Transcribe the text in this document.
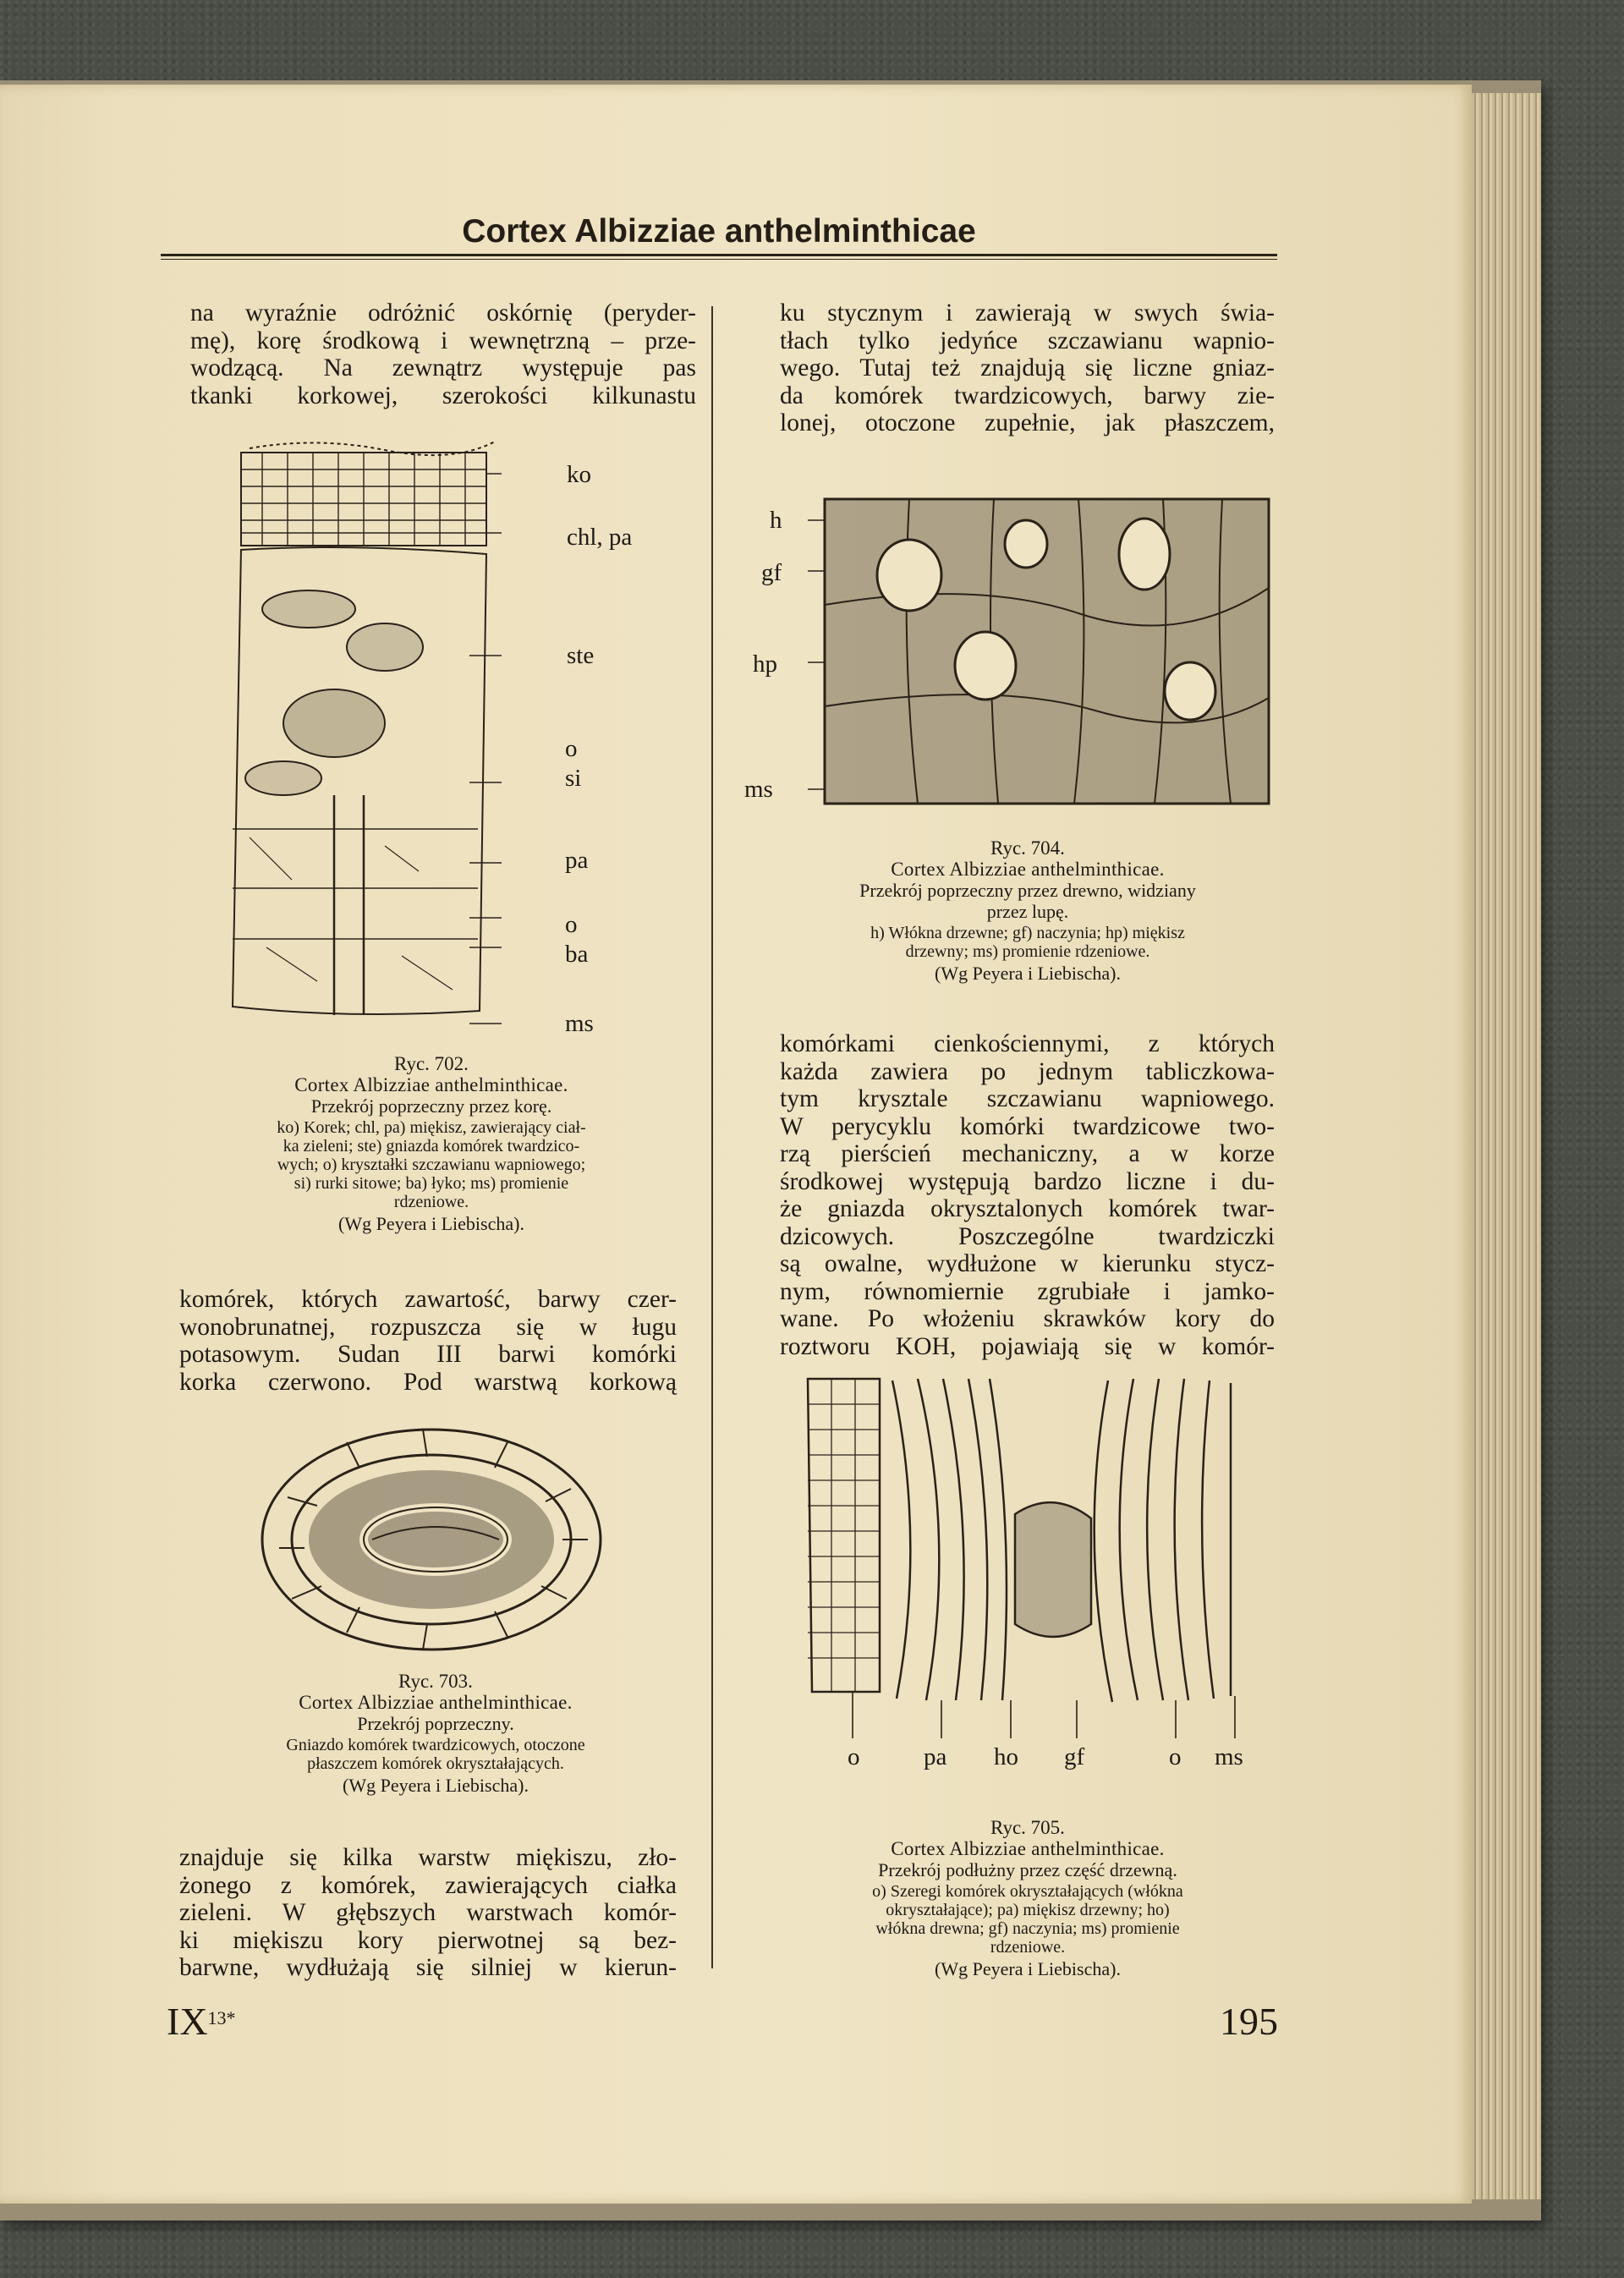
Cortex Albizziae anthelminthicae
na wyraźnie odróżnić oskórnię (peryder-
mę), korę środkową i wewnętrzną – prze-
wodzącą. Na zewnątrz występuje pas
tkanki korkowej, szerokości kilkunastu
ko
chl, pa
ste
o
si
pa
o
ba
ms
Ryc. 702.
Cortex Albizziae anthelminthicae.
Przekrój poprzeczny przez korę.
ko) Korek; chl, pa) miękisz, zawierający ciał-
ka zieleni; ste) gniazda komórek twardzico-
wych; o) kryształki szczawianu wapniowego;
si) rurki sitowe; ba) łyko; ms) promienie
rdzeniowe.
(Wg Peyera i Liebischa).
komórek, których zawartość, barwy czer-
wonobrunatnej, rozpuszcza się w ługu
potasowym. Sudan III barwi komórki
korka czerwono. Pod warstwą korkową
Ryc. 703.
Cortex Albizziae anthelminthicae.
Przekrój poprzeczny.
Gniazdo komórek twardzicowych, otoczone
płaszczem komórek okryształających.
(Wg Peyera i Liebischa).
znajduje się kilka warstw miękiszu, zło-
żonego z komórek, zawierających ciałka
zieleni. W głębszych warstwach komór-
ki miękiszu kory pierwotnej są bez-
barwne, wydłużają się silniej w kierun-
ku stycznym i zawierają w swych świa-
tłach tylko jedyńce szczawianu wapnio-
wego. Tutaj też znajdują się liczne gniaz-
da komórek twardzicowych, barwy zie-
lonej, otoczone zupełnie, jak płaszczem,
h
gf
hp
ms
Ryc. 704.
Cortex Albizziae anthelminthicae.
Przekrój poprzeczny przez drewno, widziany
przez lupę.
h) Włókna drzewne; gf) naczynia; hp) miękisz
drzewny; ms) promienie rdzeniowe.
(Wg Peyera i Liebischa).
komórkami cienkościennymi, z których
każda zawiera po jednym tabliczkowa-
tym krysztale szczawianu wapniowego.
W perycyklu komórki twardzicowe two-
rzą pierścień mechaniczny, a w korze
środkowej występują bardzo liczne i du-
że gniazda okrysztalonych komórek twar-
dzicowych. Poszczególne twardziczki
są owalne, wydłużone w kierunku stycz-
nym, równomiernie zgrubiałe i jamko-
wane. Po włożeniu skrawków kory do
roztworu KOH, pojawiają się w komór-
o	pa ho gf	o ms
Ryc. 705.
Cortex Albizziae anthelminthicae.
Przekrój podłużny przez część drzewną.
o) Szeregi komórek okryształających (włókna
okryształające); pa) miękisz drzewny; ho)
włókna drewna; gf) naczynia; ms) promienie
rdzeniowe.
(Wg Peyera i Liebischa).
$IX^{13*}$	195
